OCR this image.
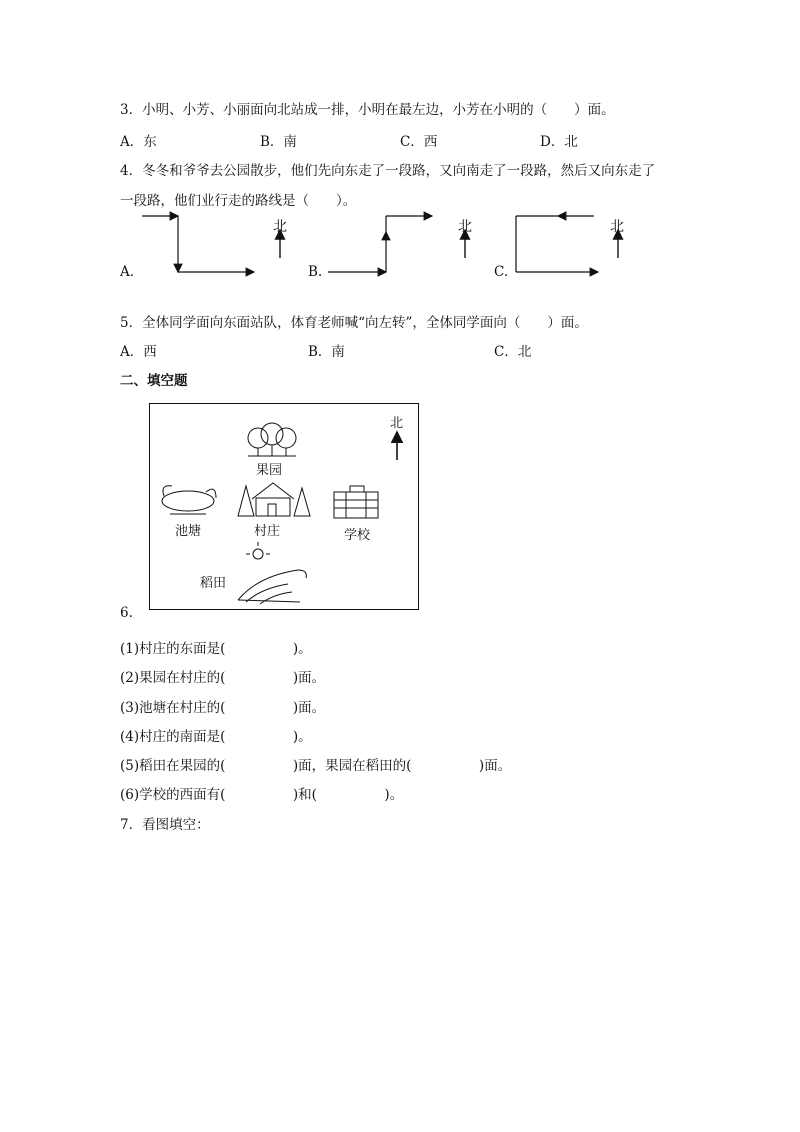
3．小明、小芳、小丽面向北站成一排，小明在最左边，小芳在小明的（　　）面。
A．东	B．南	C．西	D．北
4．冬冬和爷爷去公园散步，他们先向东走了一段路，又向南走了一段路，然后又向东走了
一段路，他们业行走的路线是（　　）。
北
A.
北
B.
北
C.
5．全体同学面向东面站队，体育老师喊“向左转”，全体同学面向（　　）面。
A．西	B．南	C．北
二、填空题
北
果园
池塘	村庄	学校
稻田
6.
(1)村庄的东面是(　　　　　)。
(2)果园在村庄的(　　　　　)面。
(3)池塘在村庄的(　　　　　)面。
(4)村庄的南面是(　　　　　)。
(5)稻田在果园的(　　　　　)面，果园在稻田的(　　　　　)面。
(6)学校的西面有(　　　　　)和(　　　　　)。
7．看图填空：
